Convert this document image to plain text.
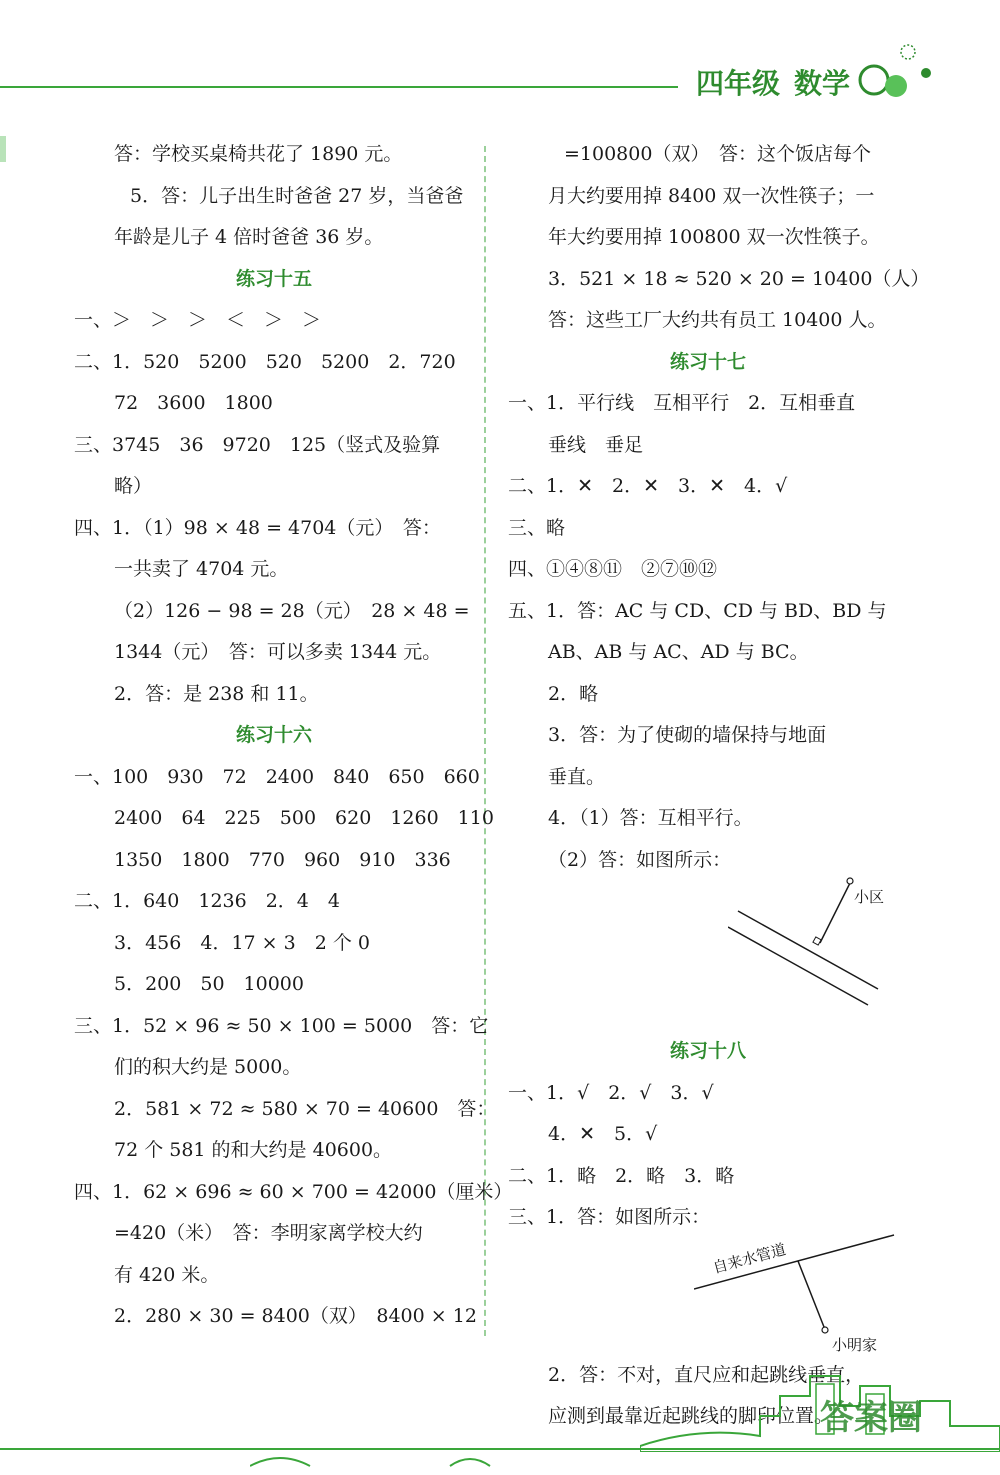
四年级 数学
答：学校买桌椅共花了 1890 元。
5．答：儿子出生时爸爸 27 岁，当爸爸
年龄是儿子 4 倍时爸爸 36 岁。
练习十五
一、＞　＞　＞　＜　＞　＞
二、1．520　5200　520　5200　2．720
72　3600　1800
三、3745　36　9720　125（竖式及验算
略）
四、1．（1）98 × 48 = 4704（元）　答：
一共卖了 4704 元。
（2）126 − 98 = 28（元）　28 × 48 =
1344（元）　答：可以多卖 1344 元。
2．答：是 238 和 11。
练习十六
一、100　930　72　2400　840　650　660
2400　64　225　500　620　1260　110
1350　1800　770　960　910　336
二、1．640　1236　2．4　4
3．456　4．17 × 3　2 个 0
5．200　50　10000
三、1．52 × 96 ≈ 50 × 100 = 5000　答：它
们的积大约是 5000。
2．581 × 72 ≈ 580 × 70 = 40600　答：
72 个 581 的和大约是 40600。
四、1．62 × 696 ≈ 60 × 700 = 42000（厘米）
=420（米）　答：李明家离学校大约
有 420 米。
2．280 × 30 = 8400（双）　8400 × 12
=100800（双）　答：这个饭店每个
月大约要用掉 8400 双一次性筷子；一
年大约要用掉 100800 双一次性筷子。
3．521 × 18 ≈ 520 × 20 = 10400（人）
答：这些工厂大约共有员工 10400 人。
练习十七
一、1．平行线　互相平行　2．互相垂直
垂线　垂足
二、1．✕　2．✕　3．✕　4．√
三、略
四、①④⑧⑪　②⑦⑩⑫
五、1．答：AC 与 CD、CD 与 BD、BD 与
AB、AB 与 AC、AD 与 BC。
2．略
3．答：为了使砌的墙保持与地面
垂直。
4．（1）答：互相平行。
（2）答：如图所示：

小区

练习十八
一、1．√　2．√　3．√
4．✕　5．√
二、1．略　2．略　3．略
三、1．答：如图所示：

自来水管道

小明家

2．答：不对，直尺应和起跳线垂直，
应测到最靠近起跳线的脚印位置。
答案圈
